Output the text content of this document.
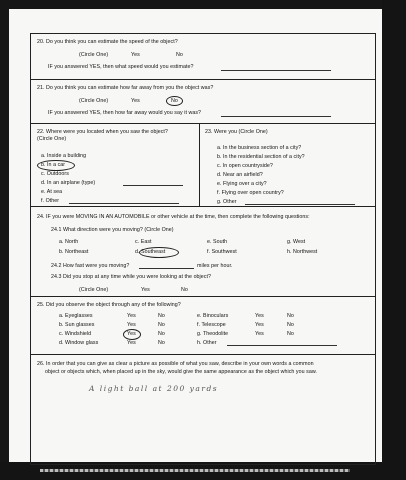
20. Do you think you can estimate the speed of the object?
(Circle One)	Yes	No
IF you answered YES, then what speed would you estimate?
21. Do you think you can estimate how far away from you the object was?
(Circle One)	Yes	No
IF you answered YES, then how far away would you say it was?
22. Where were you located when you saw the object?
(Circle One)
a. Inside a building
b. In a car
c. Outdoors
d. In an airplane (type)
e. At sea
f. Other
23. Were you (Circle One)
a. In the business section of a city?
b. In the residential section of a city?
c. In open countryside?
d. Near an airfield?
e. Flying over a city?
f. Flying over open country?
g. Other
24. IF you were MOVING IN AN AUTOMOBILE or other vehicle at the time, then complete the following questions:
24.1 What direction were you moving? (Circle One)
a. North
b. Northeast
c. East
d. Southeast
e. South
f. Southwest
g. West
h. Northwest
24.2 How fast were you moving?	miles per hour.
24.3 Did you stop at any time while you were looking at the object?
(Circle One)	Yes	No
25. Did you observe the object through any of the following?
a. Eyeglasses	Yes	No
b. Sun glasses	Yes	No
c. Windshield	Yes	No
d. Window glass	Yes	No
e. Binoculars	Yes	No
f. Telescope	Yes	No
g. Theodolite	Yes	No
h. Other
26. In order that you can give as clear a picture as possible of what you saw, describe in your own words a common
object or objects which, when placed up in the sky, would give the same appearance as the object which you saw.
A light ball at 200 yards
